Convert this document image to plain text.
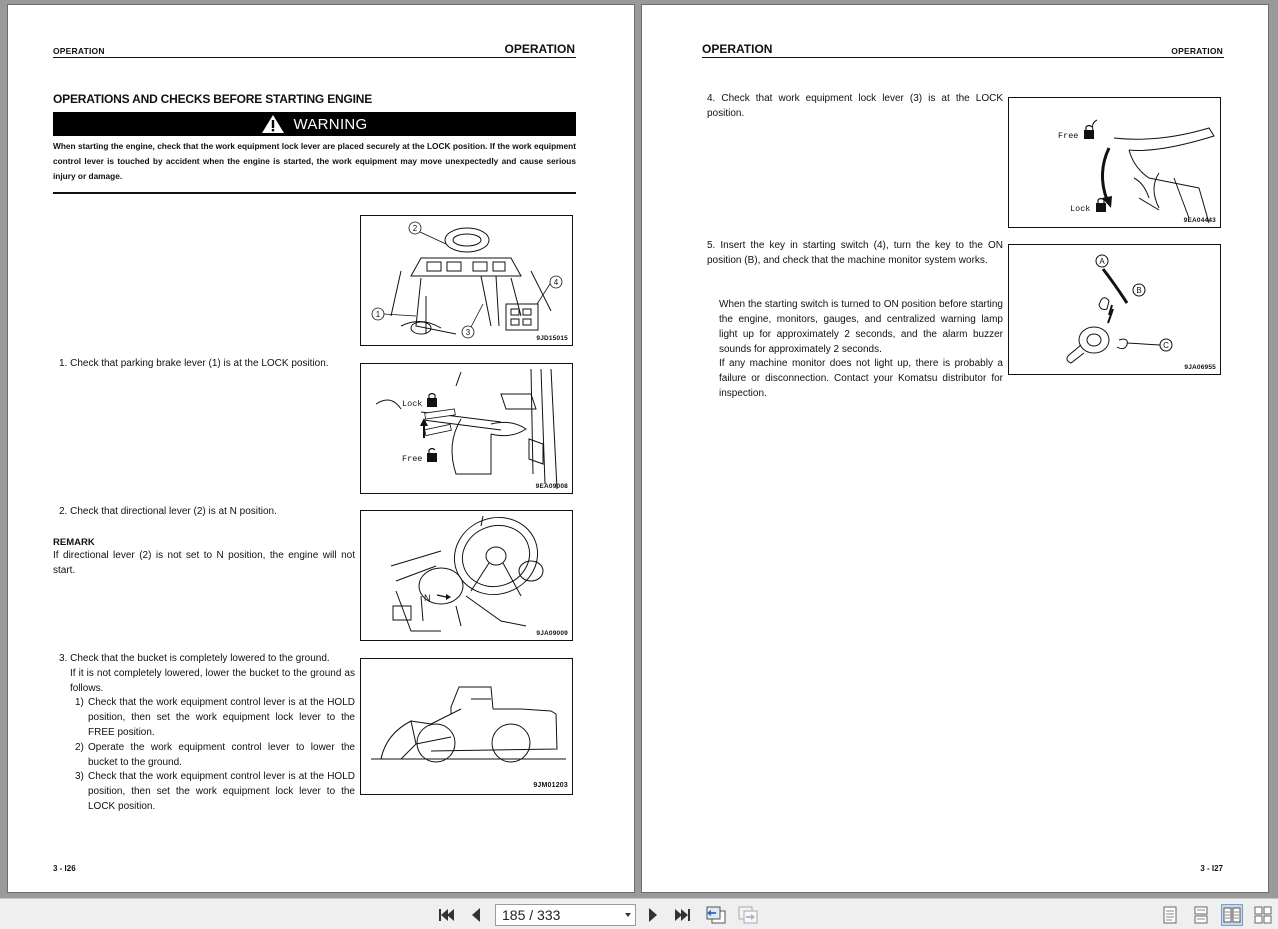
OPERATION	OPERATION
OPERATIONS AND CHECKS BEFORE STARTING ENGINE
WARNING
When starting the engine, check that the work equipment lock lever are placed securely at the LOCK position. If the work equipment control lever is touched by accident when the engine is started, the work equipment may move unexpectedly and cause serious injury or damage.
2
4
1
3
9JD15015
1. Check that parking brake lever (1) is at the LOCK position.
Lock
Free
9EA09008
2. Check that directional lever (2) is at N position.
REMARK
If directional lever (2) is not set to N position, the engine will not start.
N
9JA09009
3. Check that the bucket is completely lowered to the ground.
If it is not completely lowered, lower the bucket to the ground as follows.
1) Check that the work equipment control lever is at the HOLD position, then set the work equipment lock lever to the FREE position.
2) Operate the work equipment control lever to lower the bucket to the ground.
3) Check that the work equipment control lever is at the HOLD position, then set the work equipment lock lever to the LOCK position.
9JM01203
3 - I26
OPERATION	OPERATION
4. Check that work equipment lock lever (3) is at the LOCK position.
Free
Lock
9EA04443
5. Insert the key in starting switch (4), turn the key to the ON position (B), and check that the machine monitor system works.
When the starting switch is turned to ON position before starting the engine, monitors, gauges, and centralized warning lamp light up for approximately 2 seconds, and the alarm buzzer sounds for approximately 2 seconds.
If any machine monitor does not light up, there is probably a failure or disconnection. Contact your Komatsu distributor for inspection.
A
B
C
9JA06955
3 - I27
185 / 333
